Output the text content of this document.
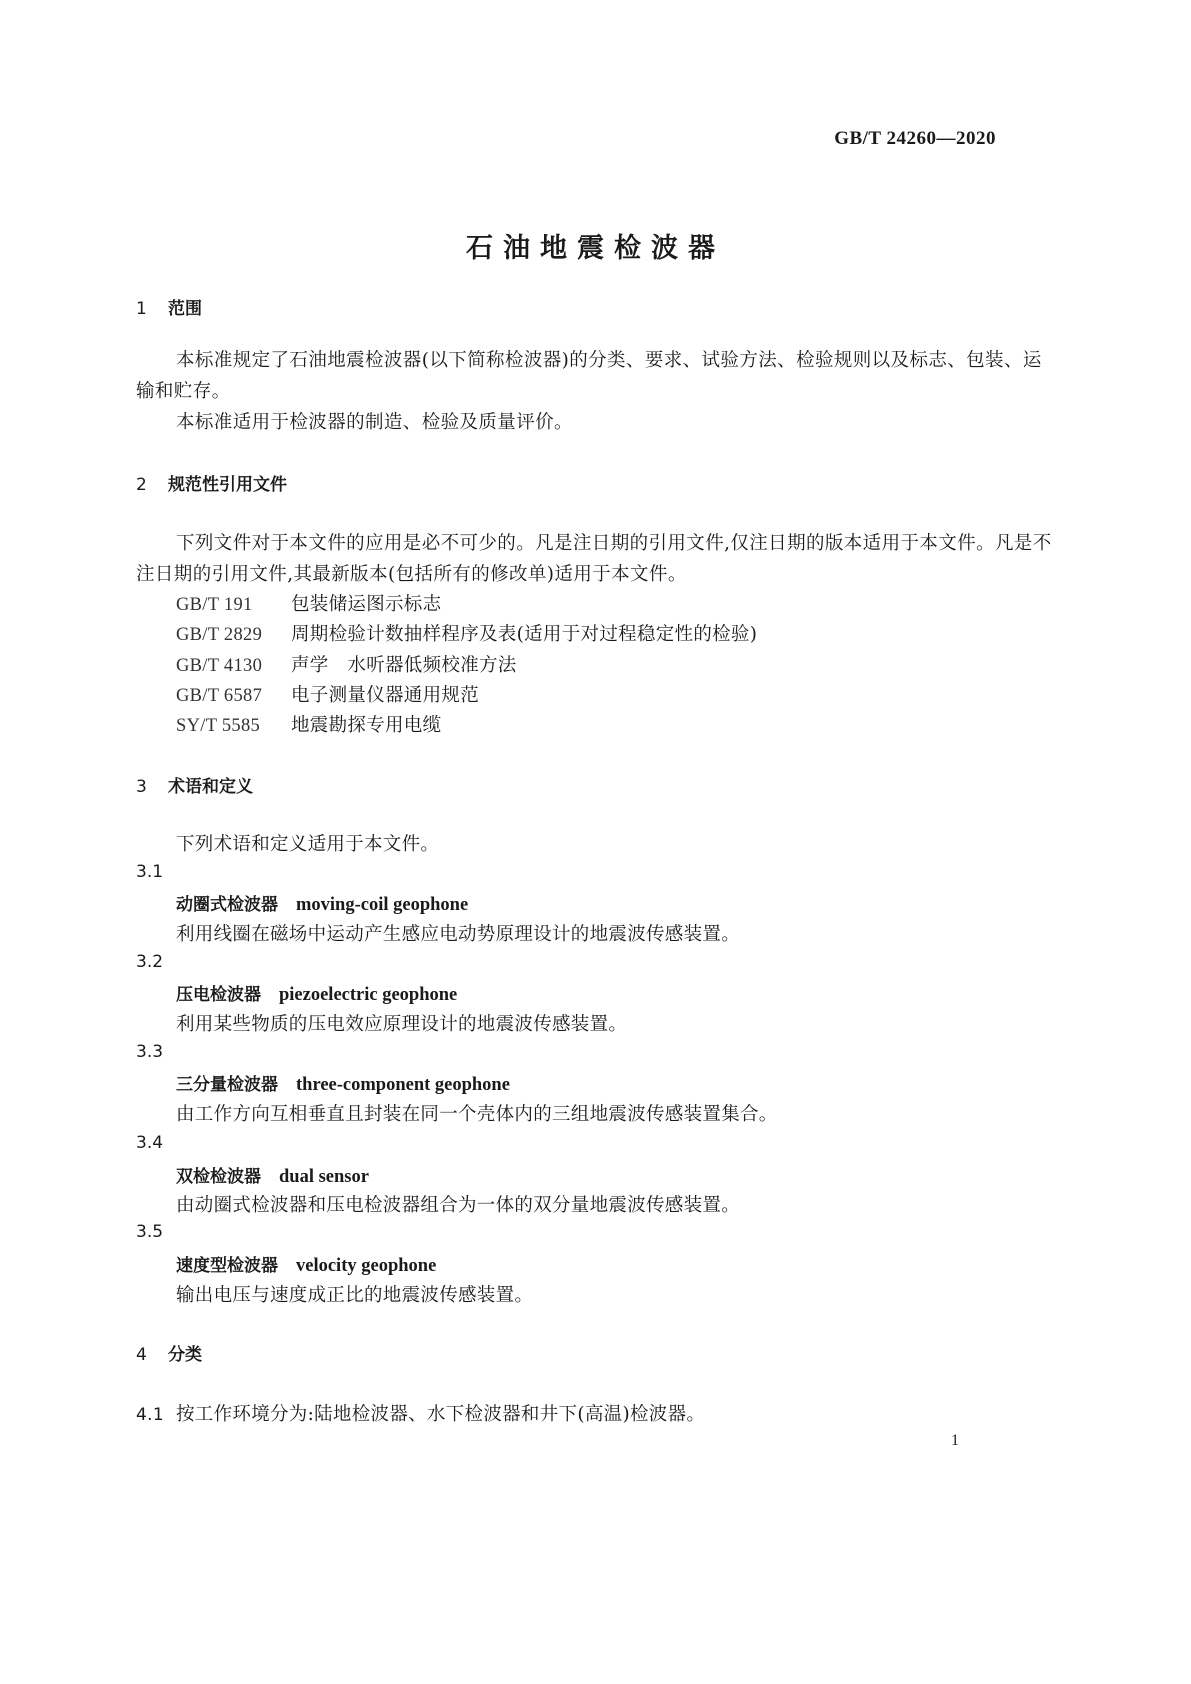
GB/T 24260—2020
石油地震检波器
1 范围
本标准规定了石油地震检波器(以下简称检波器)的分类、要求、试验方法、检验规则以及标志、包装、运输和贮存。
本标准适用于检波器的制造、检验及质量评价。
2 规范性引用文件
下列文件对于本文件的应用是必不可少的。凡是注日期的引用文件,仅注日期的版本适用于本文件。凡是不注日期的引用文件,其最新版本(包括所有的修改单)适用于本文件。
GB/T 191 包装储运图示标志
GB/T 2829 周期检验计数抽样程序及表(适用于对过程稳定性的检验)
GB/T 4130 声学　水听器低频校准方法
GB/T 6587 电子测量仪器通用规范
SY/T 5585 地震勘探专用电缆
3 术语和定义
下列术语和定义适用于本文件。
3.1
动圈式检波器 moving-coil geophone
利用线圈在磁场中运动产生感应电动势原理设计的地震波传感装置。
3.2
压电检波器 piezoelectric geophone
利用某些物质的压电效应原理设计的地震波传感装置。
3.3
三分量检波器 three-component geophone
由工作方向互相垂直且封装在同一个壳体内的三组地震波传感装置集合。
3.4
双检检波器 dual sensor
由动圈式检波器和压电检波器组合为一体的双分量地震波传感装置。
3.5
速度型检波器 velocity geophone
输出电压与速度成正比的地震波传感装置。
4 分类
4.1 按工作环境分为:陆地检波器、水下检波器和井下(高温)检波器。
1
